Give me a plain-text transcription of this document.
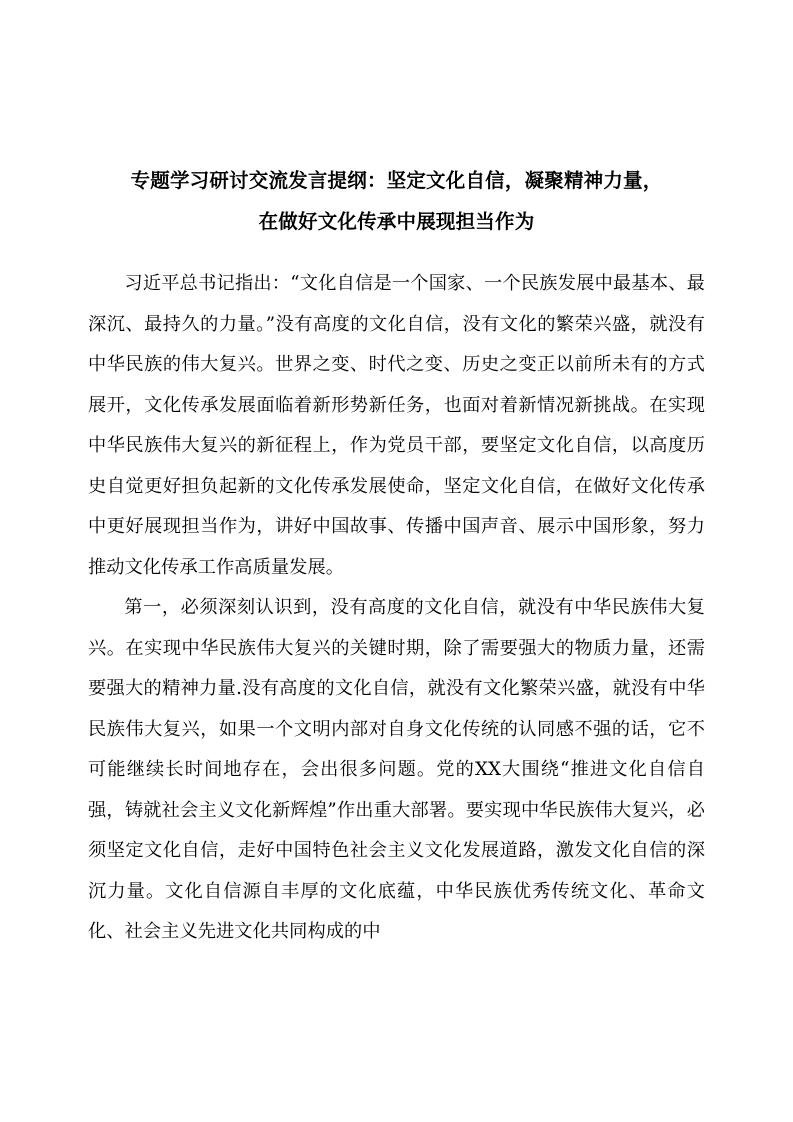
专题学习研讨交流发言提纲：坚定文化自信，凝聚精神力量，
在做好文化传承中展现担当作为

习近平总书记指出：“文化自信是一个国家、一个民族发展中最基本、最深沉、最持久的力量。”没有高度的文化自信，没有文化的繁荣兴盛，就没有中华民族的伟大复兴。世界之变、时代之变、历史之变正以前所未有的方式展开，文化传承发展面临着新形势新任务，也面对着新情况新挑战。在实现中华民族伟大复兴的新征程上，作为党员干部，要坚定文化自信，以高度历史自觉更好担负起新的文化传承发展使命，坚定文化自信，在做好文化传承中更好展现担当作为，讲好中国故事、传播中国声音、展示中国形象，努力推动文化传承工作高质量发展。

第一，必须深刻认识到，没有高度的文化自信，就没有中华民族伟大复兴。在实现中华民族伟大复兴的关键时期，除了需要强大的物质力量，还需要强大的精神力量.没有高度的文化自信，就没有文化繁荣兴盛，就没有中华民族伟大复兴，如果一个文明内部对自身文化传统的认同感不强的话，它不可能继续长时间地存在，会出很多问题。党的XX大围绕“推进文化自信自强，铸就社会主义文化新辉煌”作出重大部署。要实现中华民族伟大复兴，必须坚定文化自信，走好中国特色社会主义文化发展道路，激发文化自信的深沉力量。文化自信源自丰厚的文化底蕴，中华民族优秀传统文化、革命文化、社会主义先进文化共同构成的中
